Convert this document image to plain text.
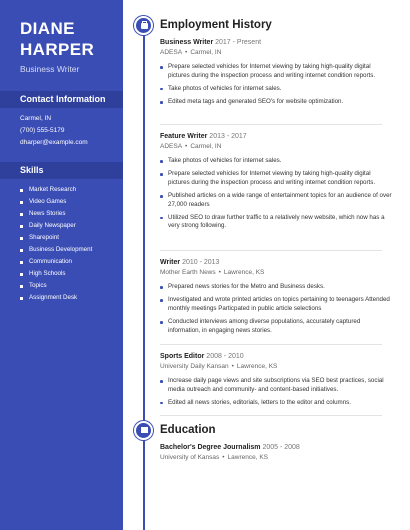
DIANE
HARPER
Business Writer
Contact Information
Carmel, IN
(700) 555-5179
dharper@example.com
Skills
Market Research
Video Games
News Stories
Daily Newspaper
Sharepoint
Business Development
Communication
High Schools
Topics
Assignment Desk
Employment History
Business Writer 2017 - Present
ADESA • Carmel, IN
Prepare selected vehicles for Internet viewing by taking high-quality digital pictures during the inspection process and writing internet condition reports.
Take photos of vehicles for internet sales.
Edited meta tags and generated SEO's for website optimization.
Feature Writer 2013 - 2017
ADESA • Carmel, IN
Take photos of vehicles for internet sales.
Prepare selected vehicles for Internet viewing by taking high-quality digital pictures during the inspection process and writing internet condition reports.
Published articles on a wide range of entertainment topics for an audience of over 27,000 readers
Utilized SEO to draw further traffic to a relatively new website, which now has a very strong following.
Writer 2010 - 2013
Mother Earth News • Lawrence, KS
Prepared news stories for the Metro and Business desks.
Investigated and wrote printed articles on topics pertaining to teenagers Attended monthly meetings Particpated in public article selections
Conducted interviews among diverse populations, accurately captured information, in engaging news stories.
Sports Editor 2008 - 2010
University Daily Kansan • Lawrence, KS
Increase daily page views and site subscriptions via SEO best practices, social media outreach and community- and content-based initiatives.
Edited all news stories, editorials, letters to the editor and columns.
Education
Bachelor's Degree Journalism 2005 - 2008
University of Kansas • Lawrence, KS
